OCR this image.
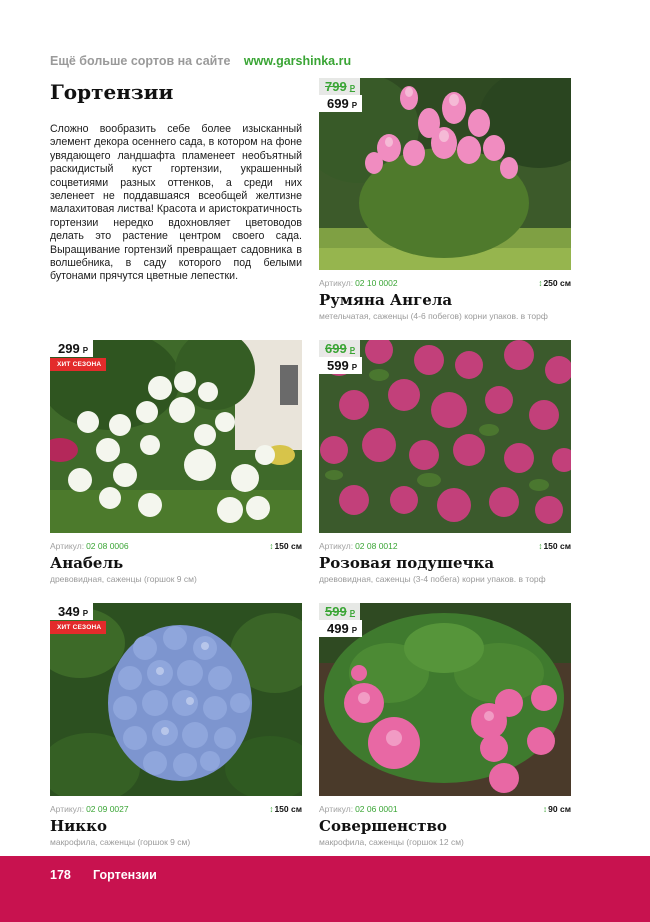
Ещё больше сортов на сайте www.garshinka.ru
Гортензии
Сложно вообразить себе более изысканный элемент декора осеннего сада, в котором на фоне увядающего ландшафта пламенеет необъятный раскидистый куст гортензии, украшенный соцветиями разных оттенков, а среди них зеленеет не поддавшаяся всеобщей желтизне малахитовая листва! Красота и аристократичность гортензии нередко вдохновляет цветоводов делать это растение центром своего сада. Выращивание гортензий превращает садовника в волшебника, в саду которого под белыми бутонами прячутся цветные лепестки.
799 Р
699 Р
Артикул: 02 10 0002	↕250 см
Румяна Ангела
метельчатая, саженцы (4-6 побегов) корни упаков. в торф
299 Р
ХИТ СЕЗОНА
Артикул: 02 08 0006	↕150 см
Анабель
древовидная, саженцы (горшок 9 см)
699 Р
599 Р
Артикул: 02 08 0012	↕150 см
Розовая подушечка
древовидная, саженцы (3-4 побега) корни упаков. в торф
349 Р
ХИТ СЕЗОНА
Артикул: 02 09 0027	↕150 см
Никко
макрофила, саженцы (горшок 9 см)
599 Р
499 Р
Артикул: 02 06 0001	↕90 см
Совершенство
макрофила, саженцы (горшок 12 см)
178 Гортензии
